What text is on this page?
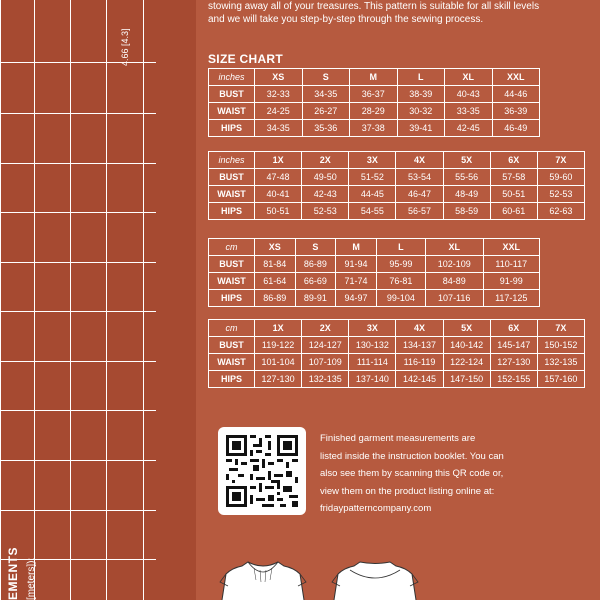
4.66 [4.3]
EMENTS [meters]):

stowing away all of your treasures. This pattern is suitable for all skill levels

and we will take you step-by-step through the sewing process.

SIZE CHART
inches	XS	S	M	L	XL	XXL
BUST	32-33	34-35	36-37	38-39	40-43	44-46
WAIST	24-25	26-27	28-29	30-32	33-35	36-39
HIPS	34-35	35-36	37-38	39-41	42-45	46-49
inches	1X	2X	3X	4X	5X	6X	7X
BUST	47-48	49-50	51-52	53-54	55-56	57-58	59-60
WAIST	40-41	42-43	44-45	46-47	48-49	50-51	52-53
HIPS	50-51	52-53	54-55	56-57	58-59	60-61	62-63
cm	XS	S	M	L	XL	XXL
BUST	81-84	86-89	91-94	95-99	102-109	110-117
WAIST	61-64	66-69	71-74	76-81	84-89	91-99
HIPS	86-89	89-91	94-97	99-104	107-116	117-125
cm	1X	2X	3X	4X	5X	6X	7X
BUST	119-122	124-127	130-132	134-137	140-142	145-147	150-152
WAIST	101-104	107-109	111-114	116-119	122-124	127-130	132-135
HIPS	127-130	132-135	137-140	142-145	147-150	152-155	157-160

Finished garment measurements are

listed inside the instruction booklet. You can

also see them by scanning this QR code or,

view them on the product listing online at:

fridaypatterncompany.com
